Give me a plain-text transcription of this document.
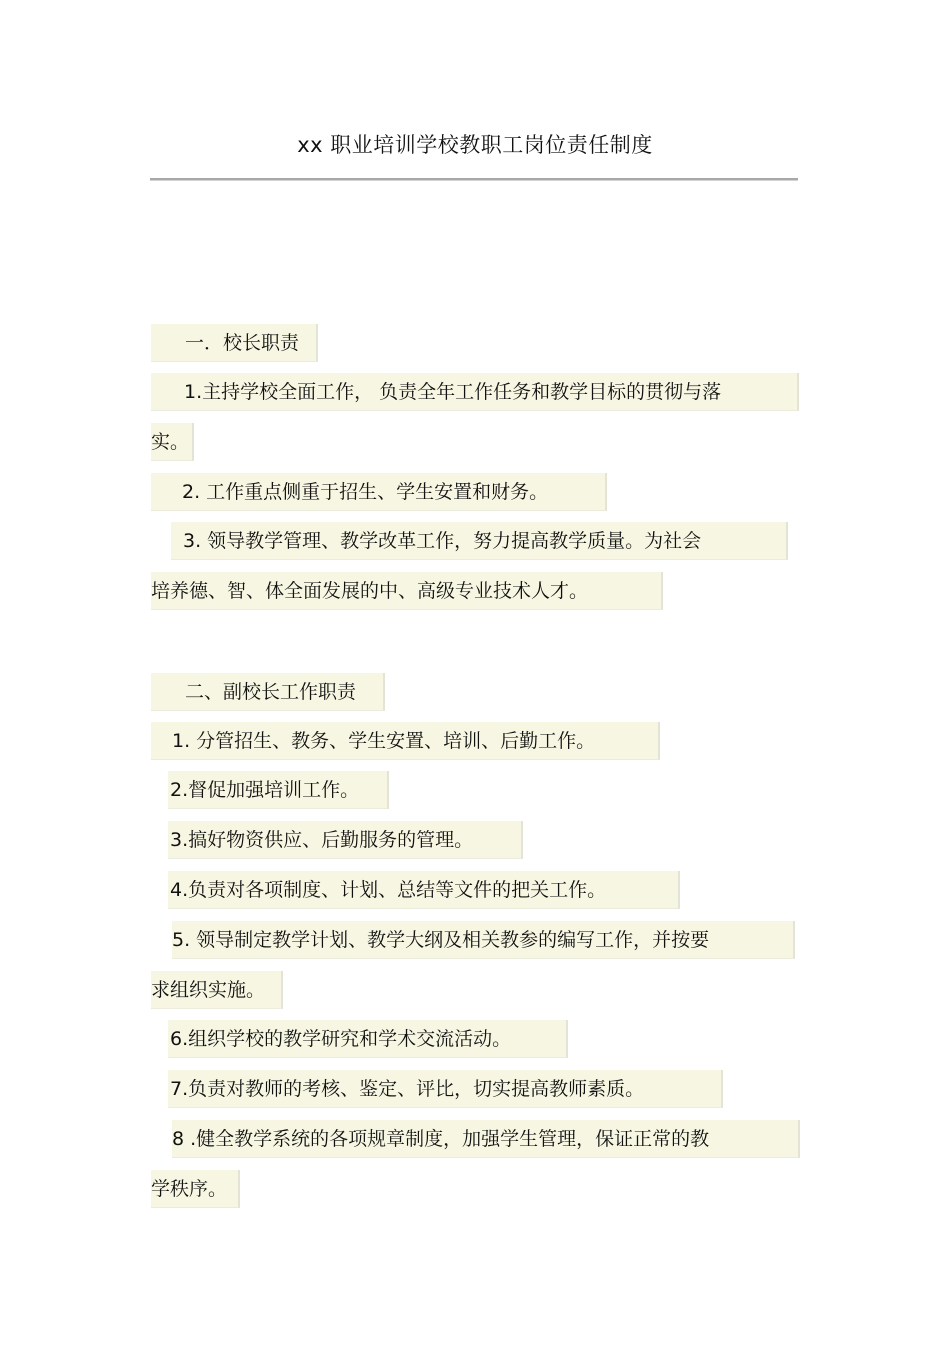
xx 职业培训学校教职工岗位责任制度
一．校长职责
1.主持学校全面工作， 负责全年工作任务和教学目标的贯彻与落
实。
2. 工作重点侧重于招生、学生安置和财务。
3. 领导教学管理、教学改革工作，努力提高教学质量。为社会
培养德、智、体全面发展的中、高级专业技术人才。
二、副校长工作职责
1. 分管招生、教务、学生安置、培训、后勤工作。
2.督促加强培训工作。
3.搞好物资供应、后勤服务的管理。
4.负责对各项制度、计划、总结等文件的把关工作。
5. 领导制定教学计划、教学大纲及相关教参的编写工作，并按要
求组织实施。
6.组织学校的教学研究和学术交流活动。
7.负责对教师的考核、鉴定、评比，切实提高教师素质。
8 .健全教学系统的各项规章制度，加强学生管理，保证正常的教
学秩序。
